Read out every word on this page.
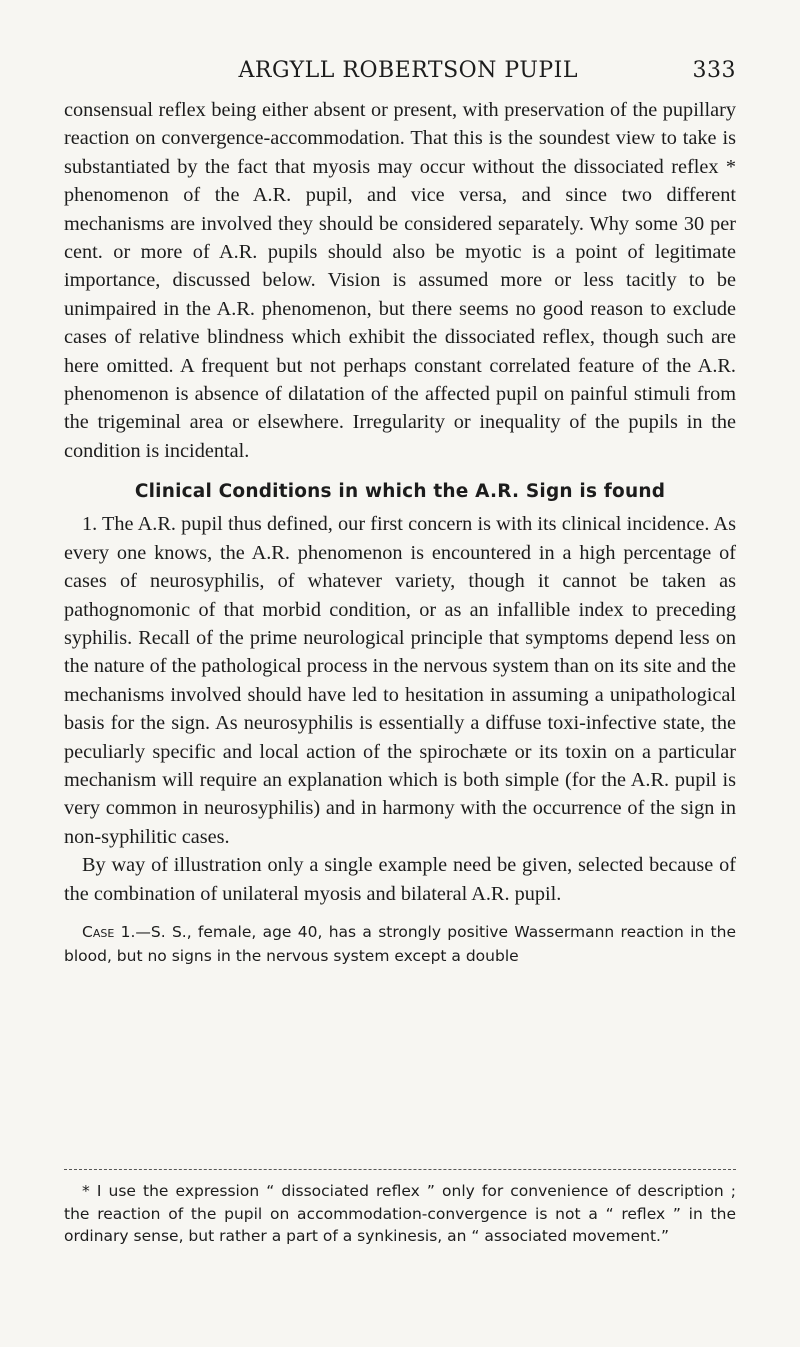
ARGYLL ROBERTSON PUPIL	333

consensual reflex being either absent or present, with preservation of the pupillary reaction on convergence-accommodation. That this is the soundest view to take is substantiated by the fact that myosis may occur without the dissociated reflex * phenomenon of the A.R. pupil, and vice versa, and since two different mechanisms are involved they should be considered separately. Why some 30 per cent. or more of A.R. pupils should also be myotic is a point of legitimate importance, discussed below. Vision is assumed more or less tacitly to be unimpaired in the A.R. phenomenon, but there seems no good reason to exclude cases of relative blindness which exhibit the dissociated reflex, though such are here omitted. A frequent but not perhaps constant correlated feature of the A.R. phenomenon is absence of dilatation of the affected pupil on painful stimuli from the trigeminal area or elsewhere. Irregularity or inequality of the pupils in the condition is incidental.

Clinical Conditions in which the A.R. Sign is found

1. The A.R. pupil thus defined, our first concern is with its clinical incidence. As every one knows, the A.R. phenomenon is encountered in a high percentage of cases of neurosyphilis, of whatever variety, though it cannot be taken as pathognomonic of that morbid condition, or as an infallible index to preceding syphilis. Recall of the prime neurological principle that symptoms depend less on the nature of the pathological process in the nervous system than on its site and the mechanisms involved should have led to hesitation in assuming a unipathological basis for the sign. As neurosyphilis is essentially a diffuse toxi-infective state, the peculiarly specific and local action of the spirochæte or its toxin on a particular mechanism will require an explanation which is both simple (for the A.R. pupil is very common in neurosyphilis) and in harmony with the occurrence of the sign in non-syphilitic cases.

By way of illustration only a single example need be given, selected because of the combination of unilateral myosis and bilateral A.R. pupil.

Case 1.—S. S., female, age 40, has a strongly positive Wassermann reaction in the blood, but no signs in the nervous system except a double

* I use the expression “ dissociated reflex ” only for convenience of description ; the reaction of the pupil on accommodation-convergence is not a “ reflex ” in the ordinary sense, but rather a part of a synkinesis, an “ associated movement.”
